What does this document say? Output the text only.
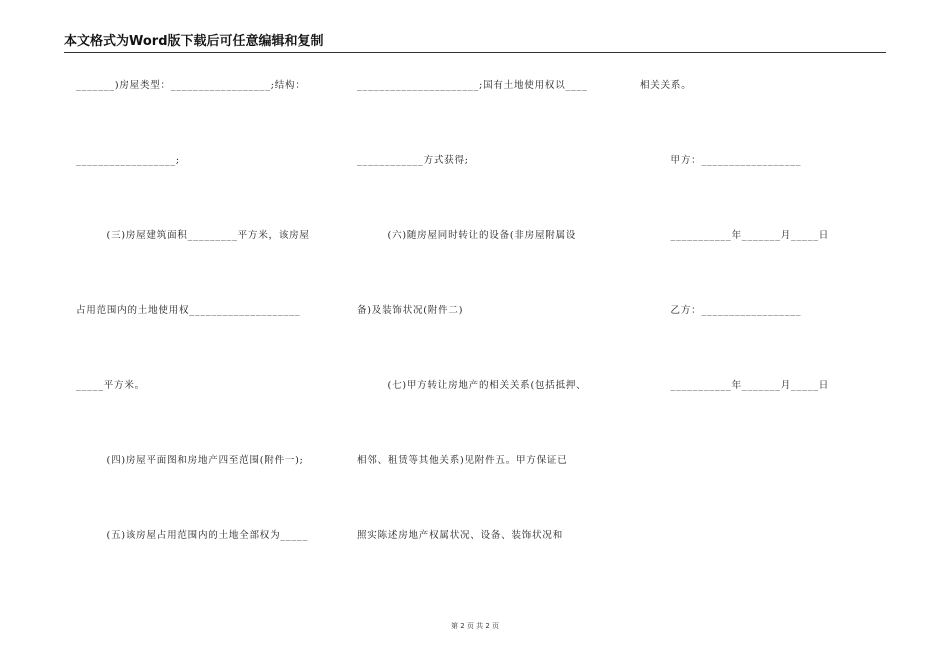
本文格式为Word版下载后可任意编辑和复制
_______)房屋类型：__________________;结构：
__________________;
(三)房屋建筑面积_________平方米，该房屋
占用范围内的土地使用权____________________
_____平方米。
(四)房屋平面图和房地产四至范围(附件一);
(五)该房屋占用范围内的土地全部权为_____
______________________;国有土地使用权以____
____________方式获得;
(六)随房屋同时转让的设备(非房屋附属设
备)及装饰状况(附件二)
(七)甲方转让房地产的相关关系(包括抵押、
相邻、租赁等其他关系)见附件五。甲方保证已
照实陈述房地产权属状况、设备、装饰状况和
相关关系。
甲方：__________________
___________年_______月_____日
乙方：__________________
___________年_______月_____日
第 2 页 共 2 页
